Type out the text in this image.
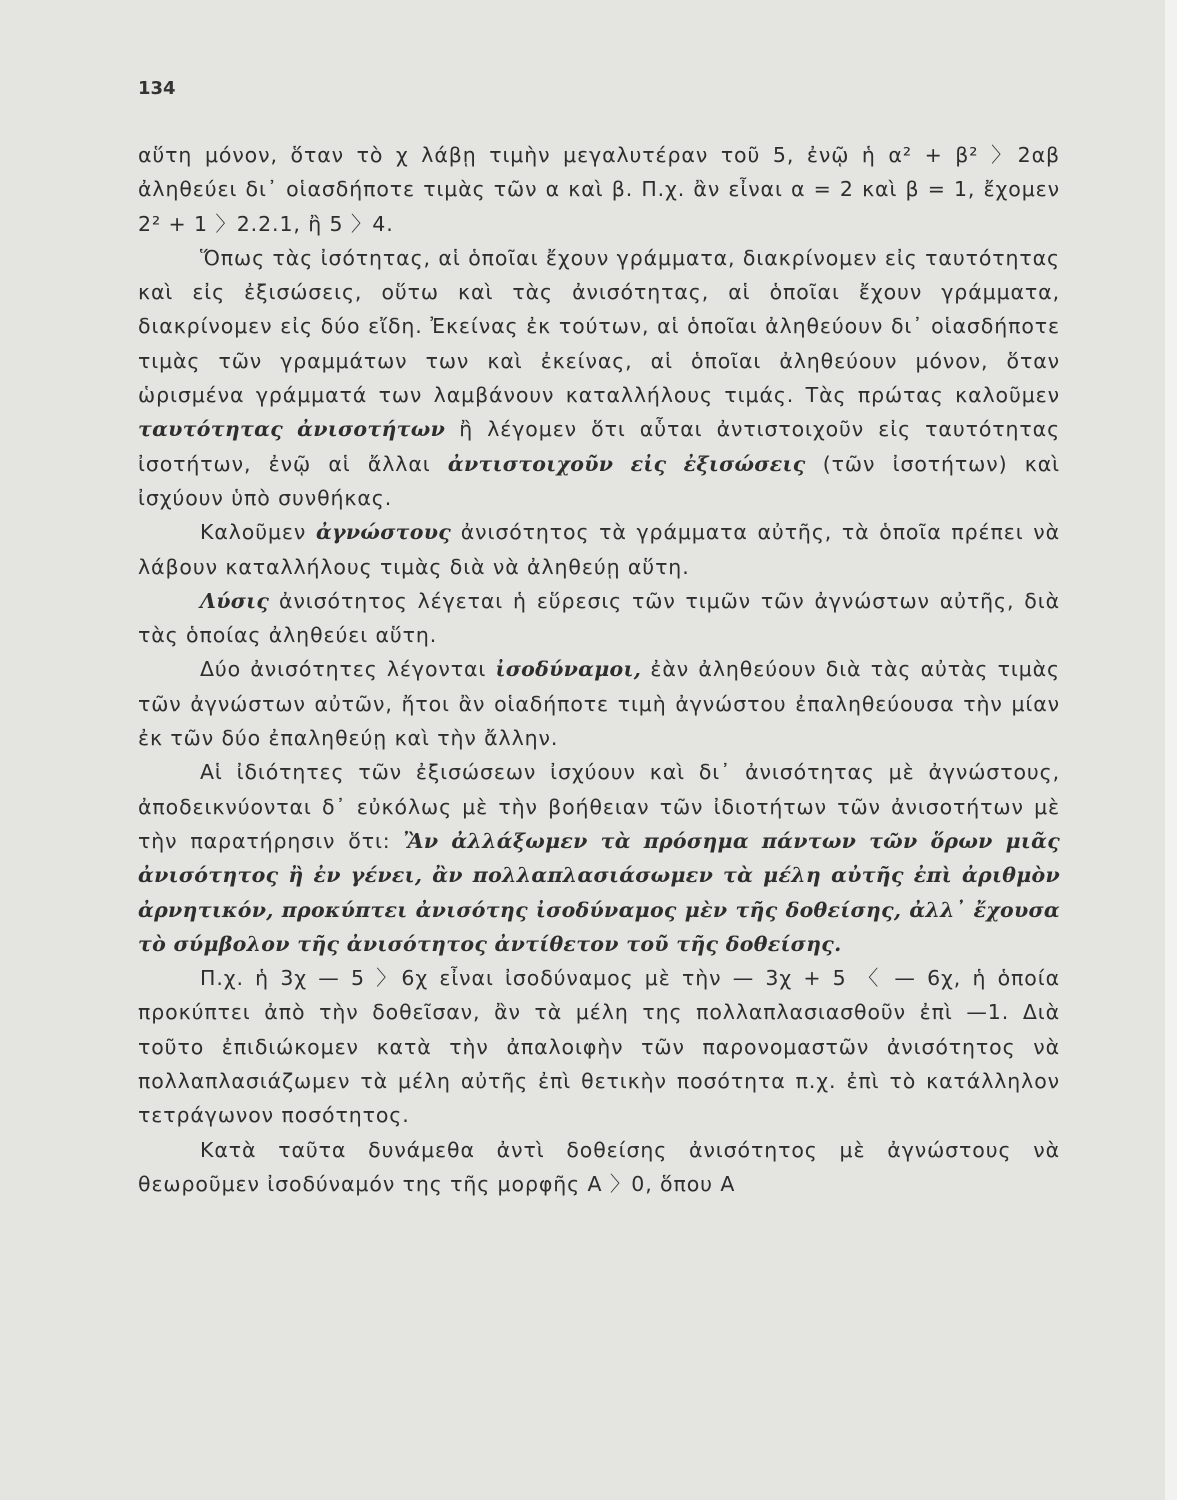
134

αὕτη μόνον, ὅταν τὸ χ λάβῃ τιμὴν μεγαλυτέραν τοῦ 5, ἐνῷ ἡ α² + β² 〉2αβ ἀληθεύει δι᾽ οἱασδήποτε τιμὰς τῶν α καὶ β. Π.χ. ἂν εἶναι α = 2 καὶ β = 1, ἔχομεν 2² + 1 〉2.2.1, ἢ 5 〉4.

Ὅπως τὰς ἰσότητας, αἱ ὁποῖαι ἔχουν γράμματα, διακρίνομεν εἰς ταυτότητας καὶ εἰς ἐξισώσεις, οὕτω καὶ τὰς ἀνισότητας, αἱ ὁποῖαι ἔχουν γράμματα, διακρίνομεν εἰς δύο εἴδη. Ἐκείνας ἐκ τούτων, αἱ ὁποῖαι ἀληθεύουν δι᾽ οἱασδήποτε τιμὰς τῶν γραμμάτων των καὶ ἐκείνας, αἱ ὁποῖαι ἀληθεύουν μόνον, ὅταν ὡρισμένα γράμματά των λαμβάνουν καταλλήλους τιμάς. Τὰς πρώτας καλοῦμεν ταυτότητας ἀνισοτήτων ἢ λέγομεν ὅτι αὗται ἀντιστοιχοῦν εἰς ταυτότητας ἰσοτήτων, ἐνῷ αἱ ἄλλαι ἀντιστοιχοῦν εἰς ἐξισώσεις (τῶν ἰσοτήτων) καὶ ἰσχύουν ὑπὸ συνθήκας.

Καλοῦμεν ἀγνώστους ἀνισότητος τὰ γράμματα αὐτῆς, τὰ ὁποῖα πρέπει νὰ λάβουν καταλλήλους τιμὰς διὰ νὰ ἀληθεύῃ αὕτη.

Λύσις ἀνισότητος λέγεται ἡ εὕρεσις τῶν τιμῶν τῶν ἀγνώστων αὐτῆς, διὰ τὰς ὁποίας ἀληθεύει αὕτη.

Δύο ἀνισότητες λέγονται ἰσοδύναμοι, ἐὰν ἀληθεύουν διὰ τὰς αὐτὰς τιμὰς τῶν ἀγνώστων αὐτῶν, ἤτοι ἂν οἱαδήποτε τιμὴ ἀγνώστου ἐπαληθεύουσα τὴν μίαν ἐκ τῶν δύο ἐπαληθεύῃ καὶ τὴν ἄλλην.

Αἱ ἰδιότητες τῶν ἐξισώσεων ἰσχύουν καὶ δι᾽ ἀνισότητας μὲ ἀγνώστους, ἀποδεικνύονται δ᾽ εὐκόλως μὲ τὴν βοήθειαν τῶν ἰδιοτήτων τῶν ἀνισοτήτων μὲ τὴν παρατήρησιν ὅτι: Ἂν ἀλλάξωμεν τὰ πρόσημα πάντων τῶν ὅρων μιᾶς ἀνισότητος ἢ ἐν γένει, ἂν πολλαπλασιάσωμεν τὰ μέλη αὐτῆς ἐπὶ ἀριθμὸν ἀρνητικόν, προκύπτει ἀνισότης ἰσοδύναμος μὲν τῆς δοθείσης, ἀλλ᾽ ἔχουσα τὸ σύμβολον τῆς ἀνισότητος ἀντίθετον τοῦ τῆς δοθείσης.

Π.χ. ἡ 3χ — 5 〉6χ εἶναι ἰσοδύναμος μὲ τὴν — 3χ + 5 〈 — 6χ, ἡ ὁποία προκύπτει ἀπὸ τὴν δοθεῖσαν, ἂν τὰ μέλη της πολλαπλασιασθοῦν ἐπὶ —1. Διὰ τοῦτο ἐπιδιώκομεν κατὰ τὴν ἀπαλοιφὴν τῶν παρονομαστῶν ἀνισότητος νὰ πολλαπλασιάζωμεν τὰ μέλη αὐτῆς ἐπὶ θετικὴν ποσότητα π.χ. ἐπὶ τὸ κατάλληλον τετράγωνον ποσότητος.

Κατὰ ταῦτα δυνάμεθα ἀντὶ δοθείσης ἀνισότητος μὲ ἀγνώστους νὰ θεωροῦμεν ἰσοδύναμόν της τῆς μορφῆς Α 〉0, ὅπου Α
